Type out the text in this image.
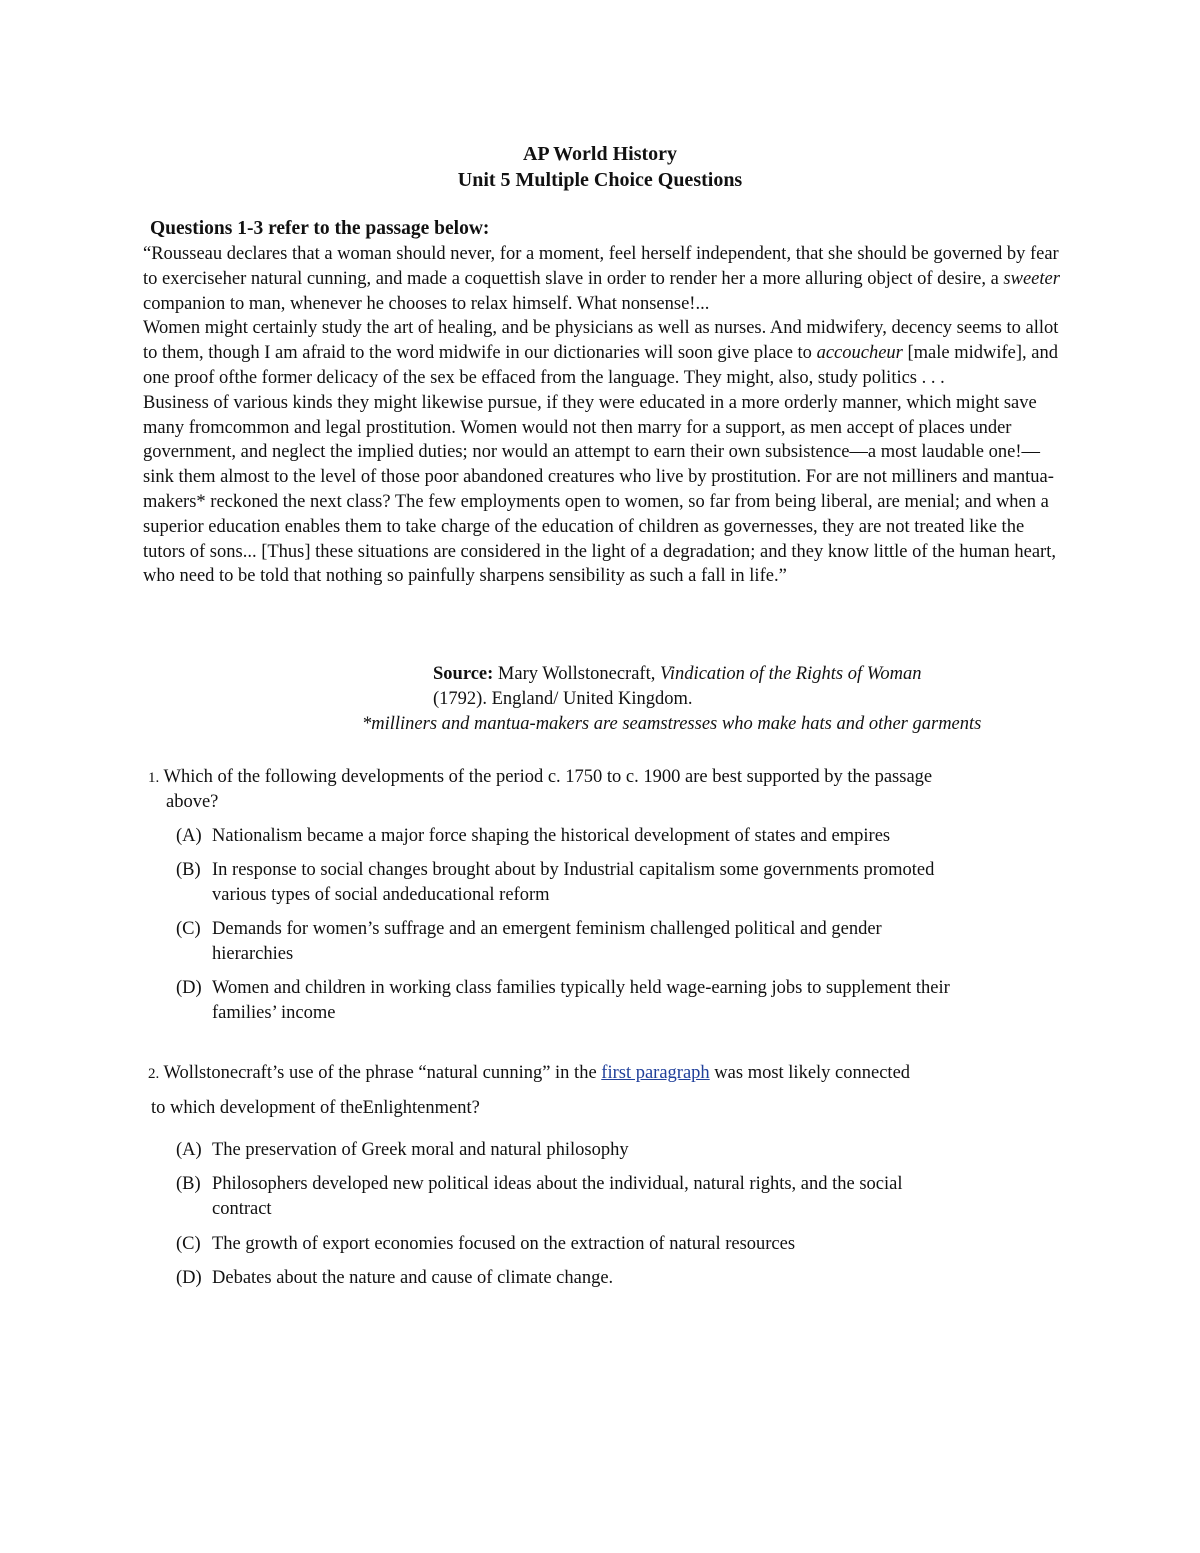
AP World History
Unit 5 Multiple Choice Questions
Questions 1-3 refer to the passage below:

“Rousseau declares that a woman should never, for a moment, feel herself independent, that she should be governed by fear to exerciseher natural cunning, and made a coquettish slave in order to render her a more alluring object of desire, a sweeter companion to man, whenever he chooses to relax himself. What nonsense!...

Women might certainly study the art of healing, and be physicians as well as nurses. And midwifery, decency seems to allot to them, though I am afraid to the word midwife in our dictionaries will soon give place to accoucheur [male midwife], and one proof ofthe former delicacy of the sex be effaced from the language. They might, also, study politics . . .

Business of various kinds they might likewise pursue, if they were educated in a more orderly manner, which might save many fromcommon and legal prostitution. Women would not then marry for a support, as men accept of places under government, and neglect the implied duties; nor would an attempt to earn their own subsistence—a most laudable one!—sink them almost to the level of those poor abandoned creatures who live by prostitution. For are not milliners and mantua-makers* reckoned the next class? The few employments open to women, so far from being liberal, are menial; and when a superior education enables them to take charge of the education of children as governesses, they are not treated like the tutors of sons... [Thus] these situations are considered in the light of a degradation; and they know little of the human heart, who need to be told that nothing so painfully sharpens sensibility as such a fall in life.”

Source: Mary Wollstonecraft, Vindication of the Rights of Woman
(1792). England/ United Kingdom.
*milliners and mantua-makers are seamstresses who make hats and other garments
1. Which of the following developments of the period c. 1750 to c. 1900 are best supported by the passage
above?
(A) Nationalism became a major force shaping the historical development of states and empires
(B) In response to social changes brought about by Industrial capitalism some governments promoted
various types of social andeducational reform
(C) Demands for women’s suffrage and an emergent feminism challenged political and gender
hierarchies
(D) Women and children in working class families typically held wage-earning jobs to supplement their
families’ income
2. Wollstonecraft’s use of the phrase “natural cunning” in the first paragraph was most likely connected
to which development of theEnlightenment?
(A) The preservation of Greek moral and natural philosophy
(B) Philosophers developed new political ideas about the individual, natural rights, and the social
contract
(C) The growth of export economies focused on the extraction of natural resources
(D) Debates about the nature and cause of climate change.
